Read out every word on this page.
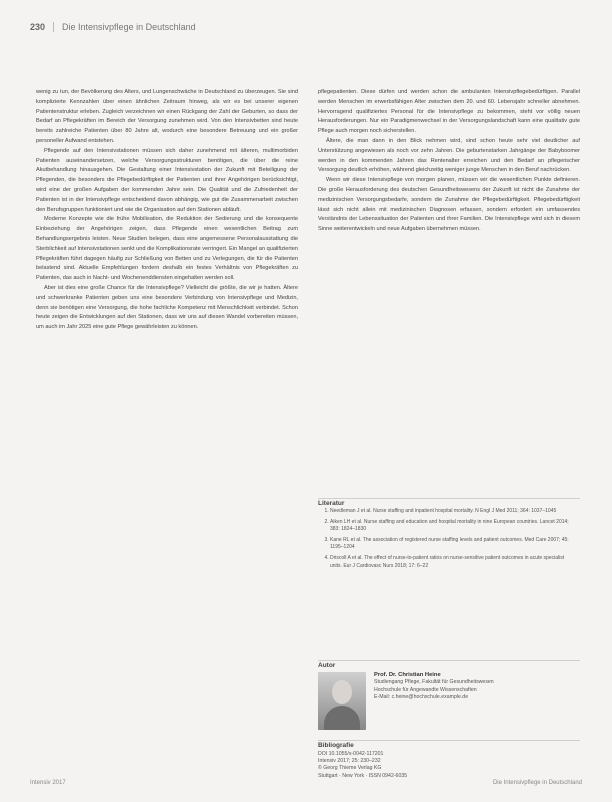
230 Die Intensivpflege in Deutschland

wenig zu tun, der Bevölkerung des Alters, und Lungenschwäche in Deutschland zu überzeugen. Sie sind komplizierte Kennzahlen über einen ähnlichen Zeitraum hinweg, als wir es bei unserer eigenen Patientenstruktur erleben. Zugleich verzeichnen wir einen Rückgang der Zahl der Geburten, so dass der Bedarf an Pflegekräften im Bereich der Versorgung zunehmen wird. Von den Intensivbetten sind heute bereits zahlreiche Patienten über 80 Jahre alt, wodurch eine besondere Betreuung und ein großer personeller Aufwand entstehen.

Pflegende auf den Intensivstationen müssen sich daher zunehmend mit älteren, multimorbiden Patienten auseinandersetzen, welche Versorgungsstrukturen benötigen, die über die reine Akutbehandlung hinausgehen. Die Gestaltung einer Intensivstation der Zukunft mit Beteiligung der Pflegenden, die besonders die Pflegebedürftigkeit der Patienten und ihrer Angehörigen berücksichtigt, wird eine der großen Aufgaben der kommenden Jahre sein. Die Qualität und die Zufriedenheit der Patienten ist in der Intensivpflege entscheidend davon abhängig, wie gut die Zusammenarbeit zwischen den Berufsgruppen funktioniert und wie die Organisation auf den Stationen abläuft.

Moderne Konzepte wie die frühe Mobilisation, die Reduktion der Sedierung und die konsequente Einbeziehung der Angehörigen zeigen, dass Pflegende einen wesentlichen Beitrag zum Behandlungsergebnis leisten. Neue Studien belegen, dass eine angemessene Personalausstattung die Sterblichkeit auf Intensivstationen senkt und die Komplikationsrate verringert. Ein Mangel an qualifizierten Pflegekräften führt dagegen häufig zur Schließung von Betten und zu Verlegungen, die für die Patienten belastend sind. Aktuelle Empfehlungen fordern deshalb ein festes Verhältnis von Pflegekräften zu Patienten, das auch in Nacht- und Wochenenddiensten eingehalten werden soll.

Aber ist dies eine große Chance für die Intensivpflege? Vielleicht die größte, die wir je hatten. Ältere und schwerkranke Patienten geben uns eine besondere Verbindung von Intensivpflege und Medizin, denn sie benötigen eine Versorgung, die hohe fachliche Kompetenz mit Menschlichkeit verbindet. Schon heute zeigen die Entwicklungen auf den Stationen, dass wir uns auf diesen Wandel vorbereiten müssen, um auch im Jahr 2025 eine gute Pflege gewährleisten zu können.

pflegepatienten. Diese dürfen und werden schon die ambulanten Intensivpflegebedürftigen. Parallel werden Menschen im erwerbsfähigen Alter zwischen dem 20. und 60. Lebensjahr schneller abnehmen. Hervorragend qualifiziertes Personal für die Intensivpflege zu bekommen, steht vor völlig neuen Herausforderungen. Nur ein Paradigmenwechsel in der Versorgungslandschaft kann eine qualitativ gute Pflege auch morgen noch sicherstellen.

Ältere, die man dann in den Blick nehmen wird, sind schon heute sehr viel deutlicher auf Unterstützung angewiesen als noch vor zehn Jahren. Die geburtenstarken Jahrgänge der Babyboomer werden in den kommenden Jahren das Rentenalter erreichen und den Bedarf an pflegerischer Versorgung deutlich erhöhen, während gleichzeitig weniger junge Menschen in den Beruf nachrücken.

Wenn wir diese Intensivpflege von morgen planen, müssen wir die wesentlichen Punkte definieren. Die große Herausforderung des deutschen Gesundheitswesens der Zukunft ist nicht die Zunahme der medizinischen Versorgungsbedarfe, sondern die Zunahme der Pflegebedürftigkeit. Pflegebedürftigkeit lässt sich nicht allein mit medizinischen Diagnosen erfassen, sondern erfordert ein umfassendes Verständnis der Lebenssituation der Patienten und ihrer Familien. Die Intensivpflege wird sich in diesem Sinne weiterentwickeln und neue Aufgaben übernehmen müssen.

Literatur
1. Needleman J et al. Nurse staffing and inpatient hospital mortality. N Engl J Med 2011; 364: 1037–1045
2. Aiken LH et al. Nurse staffing and education and hospital mortality in nine European countries. Lancet 2014; 383: 1824–1830
3. Kane RL et al. The association of registered nurse staffing levels and patient outcomes. Med Care 2007; 45: 1195–1204
4. Driscoll A et al. The effect of nurse-to-patient ratios on nurse-sensitive patient outcomes in acute specialist units. Eur J Cardiovasc Nurs 2018; 17: 6–22
Autor
Prof. Dr. Christian Heine
Studiengang Pflege, Fakultät für Gesundheitswesen
Hochschule für Angewandte Wissenschaften
E-Mail: c.heine@hochschule.example.de
Bibliografie
DOI 10.1055/s-0042-117201
Intensiv 2017; 25: 230–232
© Georg Thieme Verlag KG
Stuttgart · New York · ISSN 0942-6035
Intensiv 2017	Die Intensivpflege in Deutschland
